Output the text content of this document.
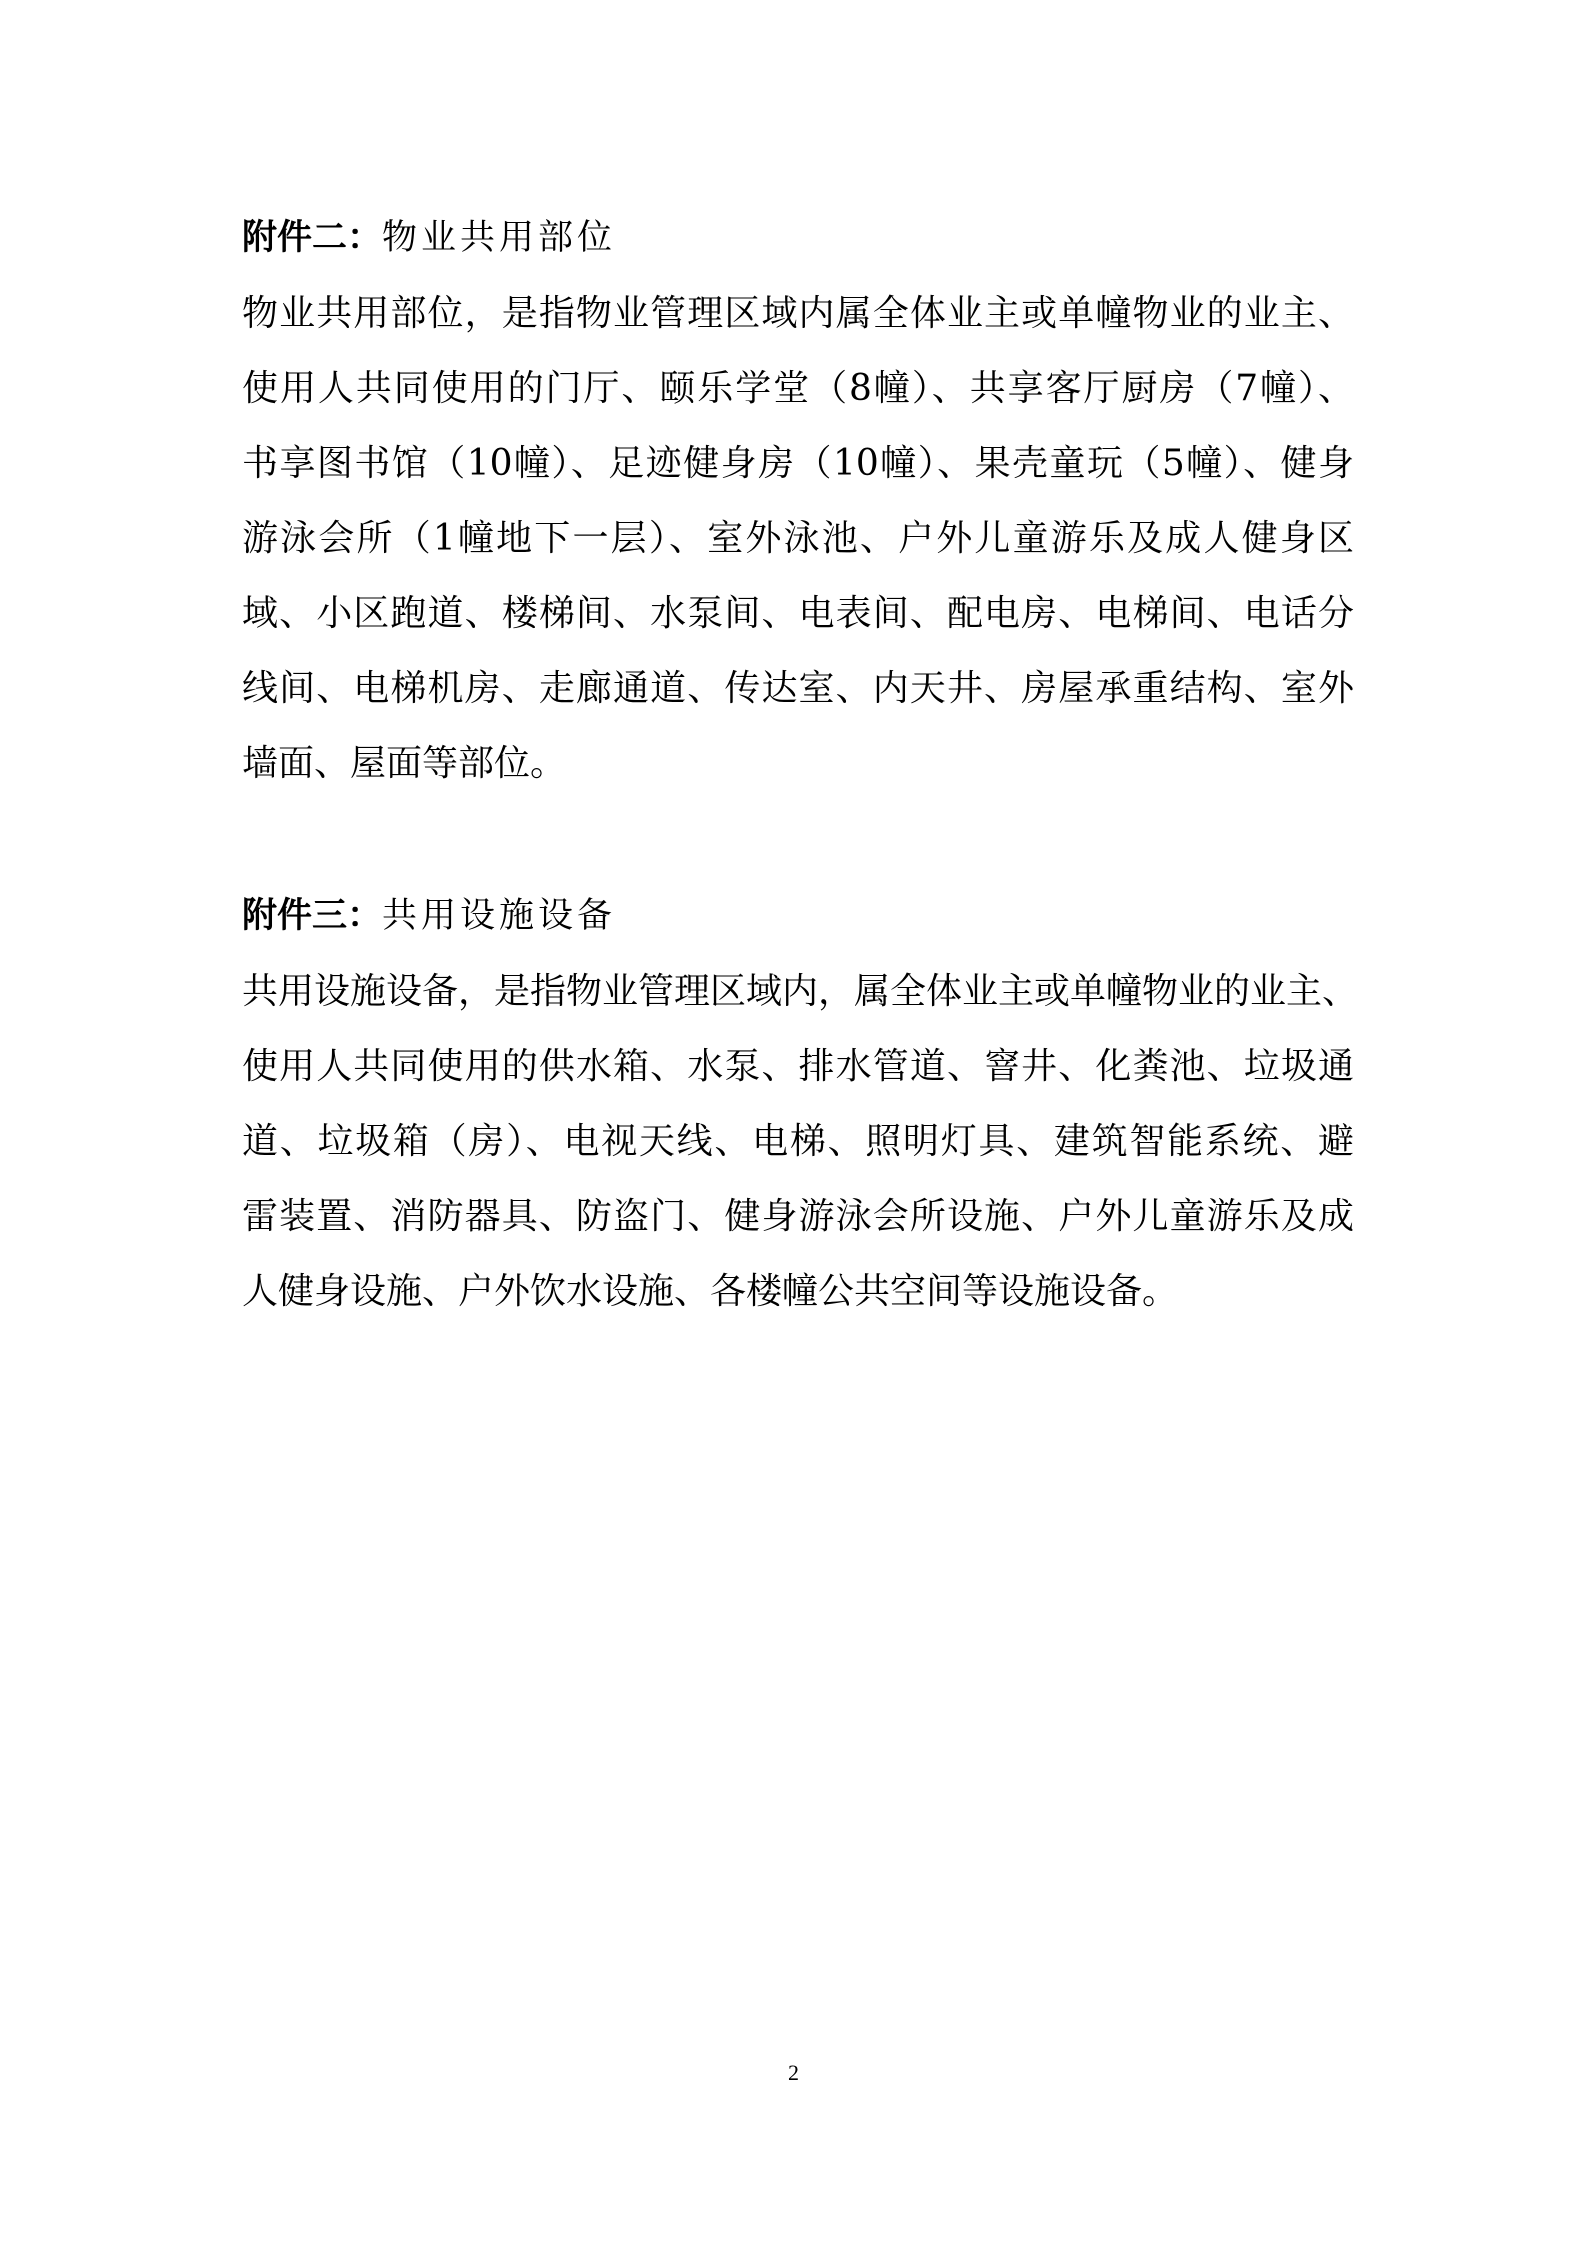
附件二：物业共用部位
物业共用部位，是指物业管理区域内属全体业主或单幢物业的业主、
使用人共同使用的门厅、颐乐学堂（8幢）、共享客厅厨房（7幢）、
书享图书馆（10幢）、足迹健身房（10幢）、果壳童玩（5幢）、健身
游泳会所（1幢地下一层）、室外泳池、户外儿童游乐及成人健身区
域、小区跑道、楼梯间、水泵间、电表间、配电房、电梯间、电话分
线间、电梯机房、走廊通道、传达室、内天井、房屋承重结构、室外
墙面、屋面等部位。
附件三：共用设施设备
共用设施设备，是指物业管理区域内，属全体业主或单幢物业的业主、
使用人共同使用的供水箱、水泵、排水管道、窨井、化粪池、垃圾通
道、垃圾箱（房）、电视天线、电梯、照明灯具、建筑智能系统、避
雷装置、消防器具、防盗门、健身游泳会所设施、户外儿童游乐及成
人健身设施、户外饮水设施、各楼幢公共空间等设施设备。
2
